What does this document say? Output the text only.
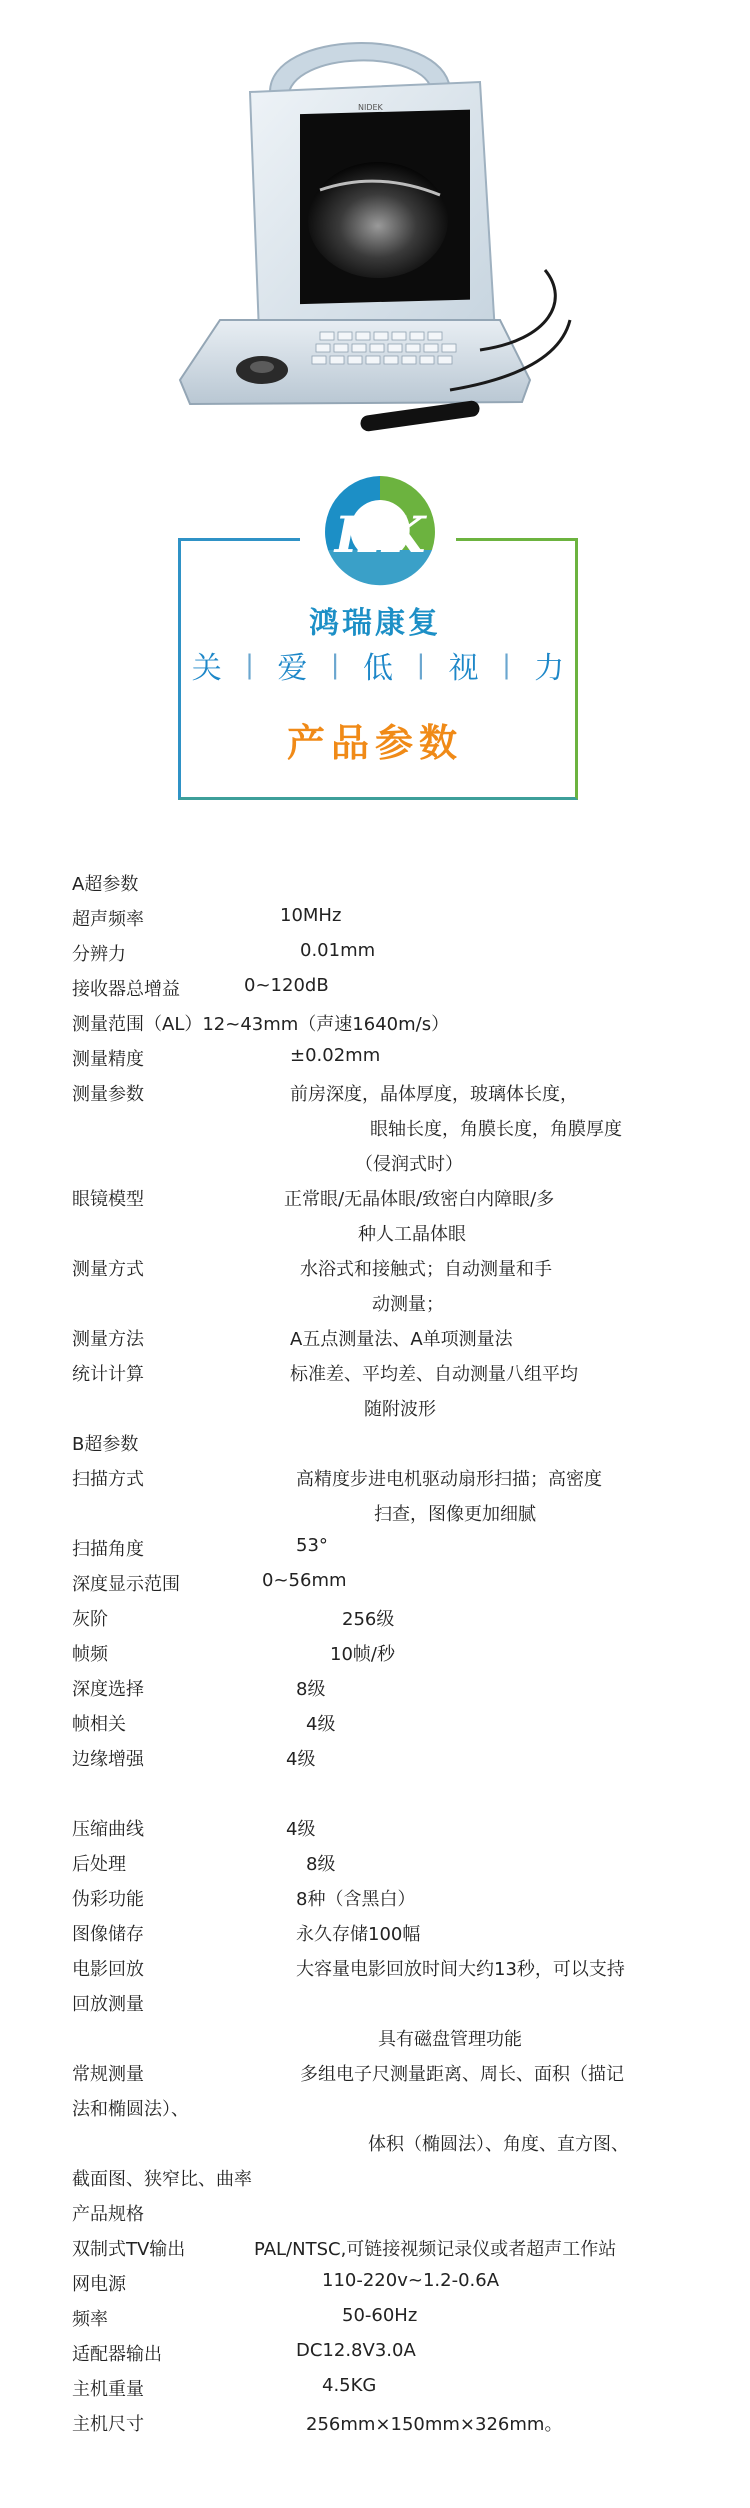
NIDEK
HK
鸿瑞康复
关 | 爱 | 低 | 视 | 力
产品参数
A超参数
超声频率	10MHz
分辨力	0.01mm
接收器总增益	0~120dB
测量范围（AL）12~43mm（声速1640m/s）
测量精度	±0.02mm
测量参数	前房深度，晶体厚度，玻璃体长度，
眼轴长度，角膜长度，角膜厚度
（侵润式时）
眼镜模型	正常眼/无晶体眼/致密白内障眼/多
种人工晶体眼
测量方式	水浴式和接触式；自动测量和手
动测量；
测量方法	A五点测量法、A单项测量法
统计计算	标准差、平均差、自动测量八组平均
随附波形
B超参数
扫描方式	高精度步进电机驱动扇形扫描；高密度
扫查，图像更加细腻
扫描角度	53°
深度显示范围	0~56mm
灰阶	256级
帧频	10帧/秒
深度选择	8级
帧相关	4级
边缘增强	4级
压缩曲线	4级
后处理	8级
伪彩功能	8种（含黑白）
图像储存	永久存储100幅
电影回放	大容量电影回放时间大约13秒，可以支持
回放测量
具有磁盘管理功能
常规测量	多组电子尺测量距离、周长、面积（描记
法和椭圆法）、
体积（椭圆法）、角度、直方图、
截面图、狭窄比、曲率
产品规格
双制式TV输出	PAL/NTSC,可链接视频记录仪或者超声工作站
网电源	110-220v~1.2-0.6A
频率	50-60Hz
适配器输出	DC12.8V3.0A
主机重量	4.5KG
主机尺寸	256mm×150mm×326mm。
